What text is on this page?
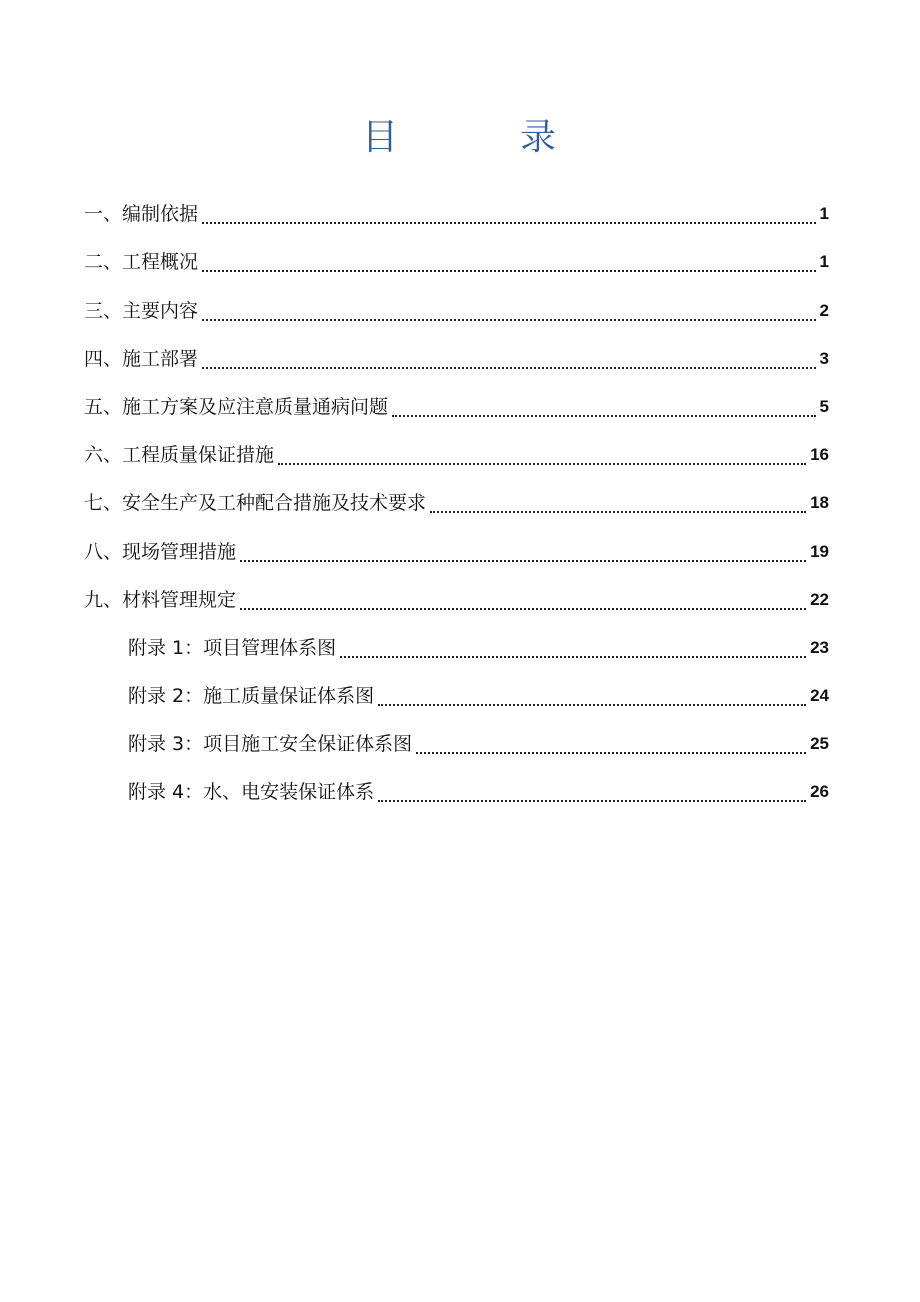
目	录
一、编制依据	1
二、工程概况	1
三、主要内容	2
四、施工部署	3
五、施工方案及应注意质量通病问题	5
六、工程质量保证措施	16
七、安全生产及工种配合措施及技术要求	18
八、现场管理措施	19
九、材料管理规定	22
附录 1：项目管理体系图	23
附录 2：施工质量保证体系图	24
附录 3：项目施工安全保证体系图	25
附录 4：水、电安装保证体系	26
